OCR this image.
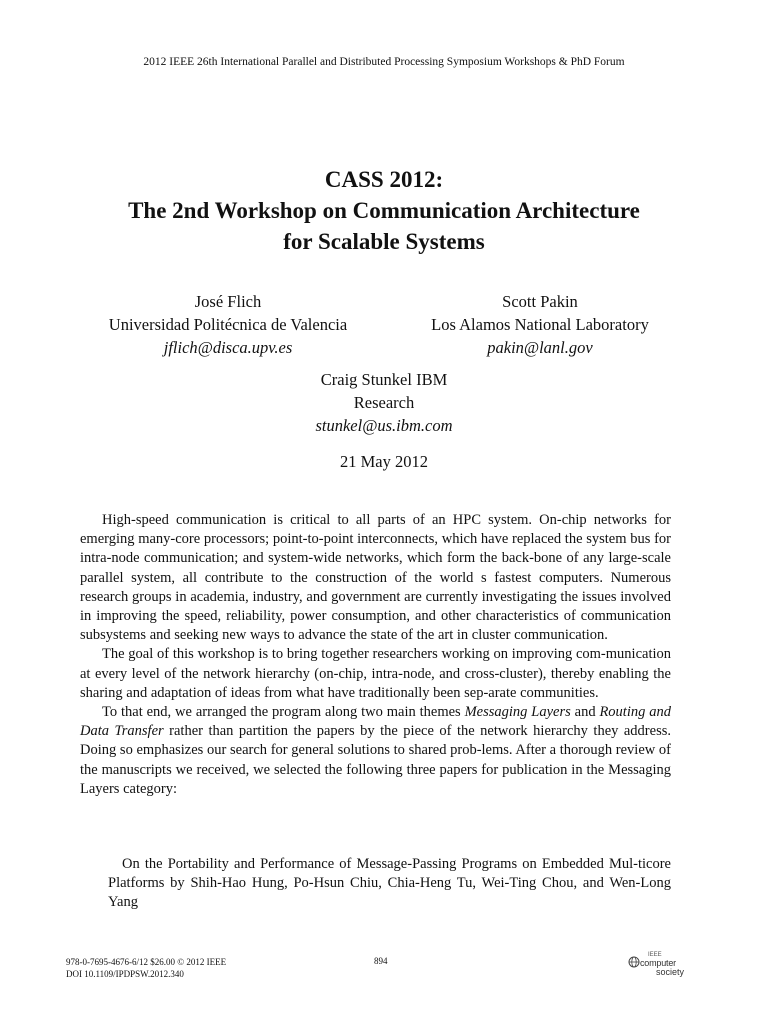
2012 IEEE 26th International Parallel and Distributed Processing Symposium Workshops & PhD Forum
CASS 2012:
The 2nd Workshop on Communication Architecture
for Scalable Systems
José Flich
Universidad Politécnica de Valencia
jflich@disca.upv.es
Scott Pakin
Los Alamos National Laboratory
pakin@lanl.gov
Craig Stunkel IBM
Research
stunkel@us.ibm.com
21 May 2012

High-speed communication is critical to all parts of an HPC system. On-chip networks for emerging many-core processors; point-to-point interconnects, which have replaced the system bus for intra-node communication; and system-wide networks, which form the back-bone of any large-scale parallel system, all contribute to the construction of the world s fastest computers. Numerous research groups in academia, industry, and government are currently investigating the issues involved in improving the speed, reliability, power consumption, and other characteristics of communication subsystems and seeking new ways to advance the state of the art in cluster communication.

The goal of this workshop is to bring together researchers working on improving com-munication at every level of the network hierarchy (on-chip, intra-node, and cross-cluster), thereby enabling the sharing and adaptation of ideas from what have traditionally been sep-arate communities.

To that end, we arranged the program along two main themes Messaging Layers and Routing and Data Transfer rather than partition the papers by the piece of the network hierarchy they address. Doing so emphasizes our search for general solutions to shared prob-lems. After a thorough review of the manuscripts we received, we selected the following three papers for publication in the Messaging Layers category:

On the Portability and Performance of Message-Passing Programs on Embedded Mul-ticore Platforms by Shih-Hao Hung, Po-Hsun Chiu, Chia-Heng Tu, Wei-Ting Chou, and Wen-Long Yang
978-0-7695-4676-6/12 $26.00 © 2012 IEEE
DOI 10.1109/IPDPSW.2012.340
894
IEEE
computer
society
